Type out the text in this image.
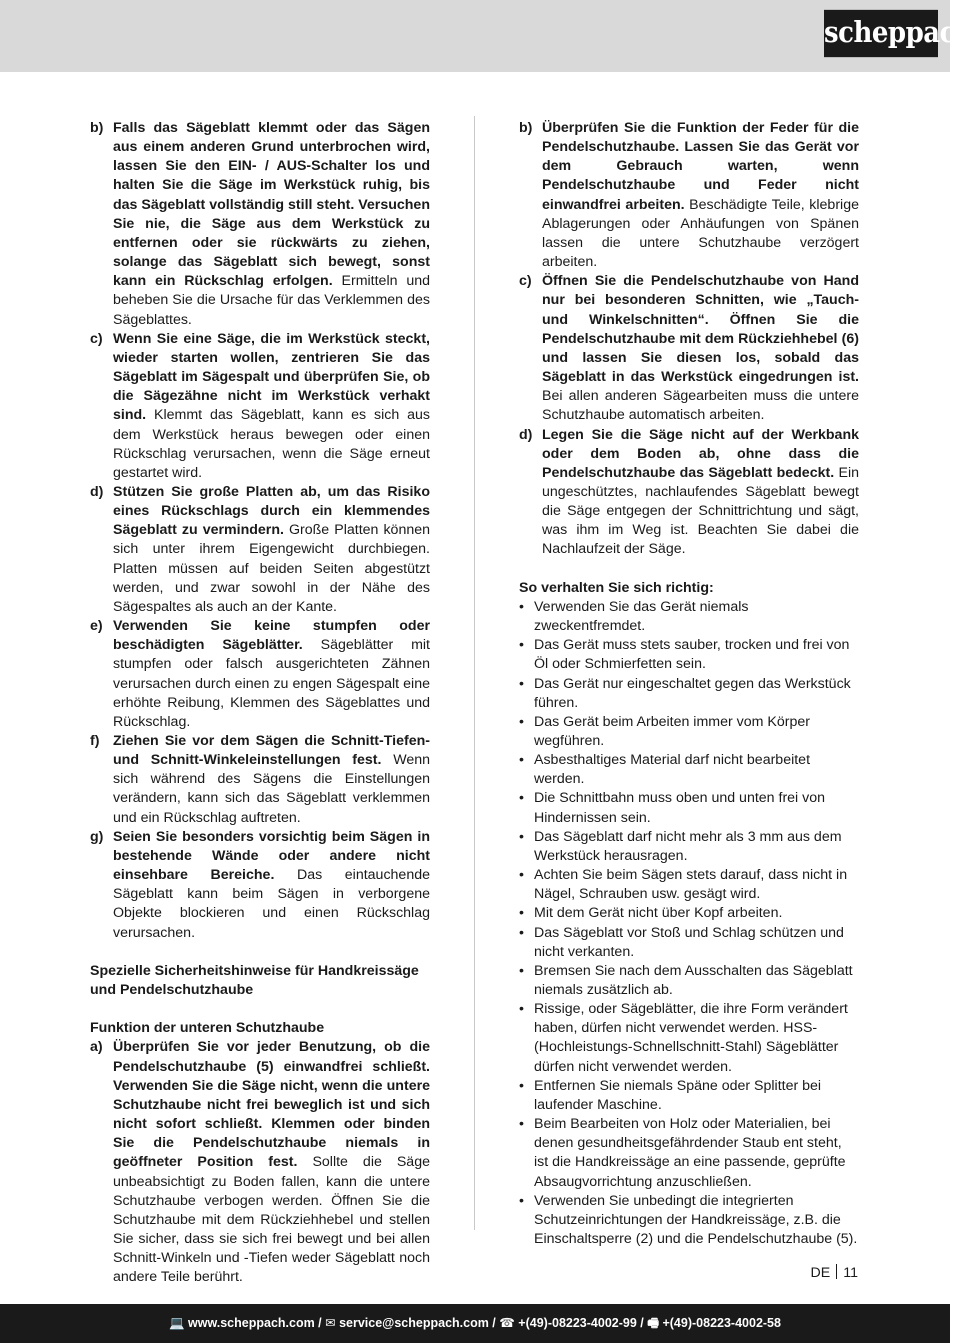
scheppach
b) Falls das Sägeblatt klemmt oder das Sägen aus einem anderen Grund unterbrochen wird, lassen Sie den EIN- / AUS-Schalter los und halten Sie die Säge im Werkstück ruhig, bis das Sägeblatt vollständig still steht. Versuchen Sie nie, die Säge aus dem Werkstück zu entfernen oder sie rückwärts zu ziehen, solange das Sägeblatt sich bewegt, sonst kann ein Rückschlag erfolgen. Ermitteln und beheben Sie die Ursache für das Verklemmen des Sägeblattes.
c) Wenn Sie eine Säge, die im Werkstück steckt, wieder starten wollen, zentrieren Sie das Sägeblatt im Sägespalt und überprüfen Sie, ob die Sägezähne nicht im Werkstück verhakt sind. Klemmt das Sägeblatt, kann es sich aus dem Werkstück heraus bewegen oder einen Rückschlag verursachen, wenn die Säge erneut gestartet wird.
d) Stützen Sie große Platten ab, um das Risiko eines Rückschlags durch ein klemmendes Sägeblatt zu vermindern. Große Platten können sich unter ihrem Eigengewicht durchbiegen. Platten müssen auf beiden Seiten abgestützt werden, und zwar sowohl in der Nähe des Sägespaltes als auch an der Kante.
e) Verwenden Sie keine stumpfen oder beschädigten Sägeblätter. Sägeblätter mit stumpfen oder falsch ausgerichteten Zähnen verursachen durch einen zu engen Sägespalt eine erhöhte Reibung, Klemmen des Sägeblattes und Rückschlag.
f) Ziehen Sie vor dem Sägen die Schnitt-Tiefen- und Schnitt-Winkeleinstellungen fest. Wenn sich während des Sägens die Einstellungen verändern, kann sich das Sägeblatt verklemmen und ein Rückschlag auftreten.
g) Seien Sie besonders vorsichtig beim Sägen in bestehende Wände oder andere nicht einsehbare Bereiche. Das eintauchende Sägeblatt kann beim Sägen in verborgene Objekte blockieren und einen Rückschlag verursachen.
Spezielle Sicherheitshinweise für Handkreissäge und Pendelschutzhaube
Funktion der unteren Schutzhaube
a) Überprüfen Sie vor jeder Benutzung, ob die Pendelschutzhaube (5) einwandfrei schließt. Verwenden Sie die Säge nicht, wenn die untere Schutzhaube nicht frei beweglich ist und sich nicht sofort schließt. Klemmen oder binden Sie die Pendelschutzhaube niemals in geöffneter Position fest. Sollte die Säge unbeabsichtigt zu Boden fallen, kann die untere Schutzhaube verbogen werden. Öffnen Sie die Schutzhaube mit dem Rückziehhebel und stellen Sie sicher, dass sie sich frei bewegt und bei allen Schnitt-Winkeln und -Tiefen weder Sägeblatt noch andere Teile berührt.
b) Überprüfen Sie die Funktion der Feder für die Pendelschutzhaube. Lassen Sie das Gerät vor dem Gebrauch warten, wenn Pendelschutzhaube und Feder nicht einwandfrei arbeiten. Beschädigte Teile, klebrige Ablagerungen oder Anhäufungen von Spänen lassen die untere Schutzhaube verzögert arbeiten.
c) Öffnen Sie die Pendelschutzhaube von Hand nur bei besonderen Schnitten, wie „Tauch- und Winkelschnitten“. Öffnen Sie die Pendelschutzhaube mit dem Rückziehhebel (6) und lassen Sie diesen los, sobald das Sägeblatt in das Werkstück eingedrungen ist. Bei allen anderen Sägearbeiten muss die untere Schutzhaube automatisch arbeiten.
d) Legen Sie die Säge nicht auf der Werkbank oder dem Boden ab, ohne dass die Pendelschutzhaube das Sägeblatt bedeckt. Ein ungeschütztes, nachlaufendes Sägeblatt bewegt die Säge entgegen der Schnittrichtung und sägt, was ihm im Weg ist. Beachten Sie dabei die Nachlaufzeit der Säge.
So verhalten Sie sich richtig:
• Verwenden Sie das Gerät niemals zweckentfremdet.
• Das Gerät muss stets sauber, trocken und frei von Öl oder Schmierfetten sein.
• Das Gerät nur eingeschaltet gegen das Werkstück führen.
• Das Gerät beim Arbeiten immer vom Körper wegführen.
• Asbesthaltiges Material darf nicht bearbeitet werden.
• Die Schnittbahn muss oben und unten frei von Hindernissen sein.
• Das Sägeblatt darf nicht mehr als 3 mm aus dem Werkstück herausragen.
• Achten Sie beim Sägen stets darauf, dass nicht in Nägel, Schrauben usw. gesägt wird.
• Mit dem Gerät nicht über Kopf arbeiten.
• Das Sägeblatt vor Stoß und Schlag schützen und nicht verkanten.
• Bremsen Sie nach dem Ausschalten das Sägeblatt niemals zusätzlich ab.
• Rissige, oder Sägeblätter, die ihre Form verändert haben, dürfen nicht verwendet werden. HSS-(Hochleistungs-Schnellschnitt-Stahl) Sägeblätter dürfen nicht verwendet werden.
• Entfernen Sie niemals Späne oder Splitter bei laufender Maschine.
• Beim Bearbeiten von Holz oder Materialien, bei denen gesundheitsgefährdender Staub ent steht, ist die Handkreissäge an eine passende, geprüfte Absaugvorrichtung anzuschließen.
• Verwenden Sie unbedingt die integrierten Schutzeinrichtungen der Handkreissäge, z.B. die Einschaltsperre (2) und die Pendelschutzhaube (5).
DE 11
💻 www.scheppach.com / ✉ service@scheppach.com / ☎ +(49)-08223-4002-99 / 🖷 +(49)-08223-4002-58
